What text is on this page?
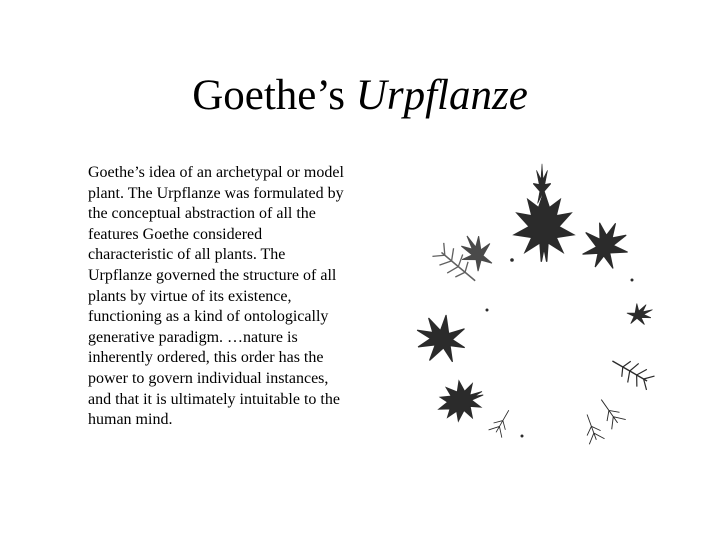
Goethe’s Urpflanze
Goethe’s idea of an archetypal or model plant. The Urpflanze was formulated by the conceptual abstraction of all the features Goethe considered characteristic of all plants. The Urpflanze governed the structure of all plants by virtue of its existence, functioning as a kind of ontologically generative paradigm. …nature is inherently ordered, this order has the power to govern individual instances, and that it is ultimately intuitable to the human mind.
